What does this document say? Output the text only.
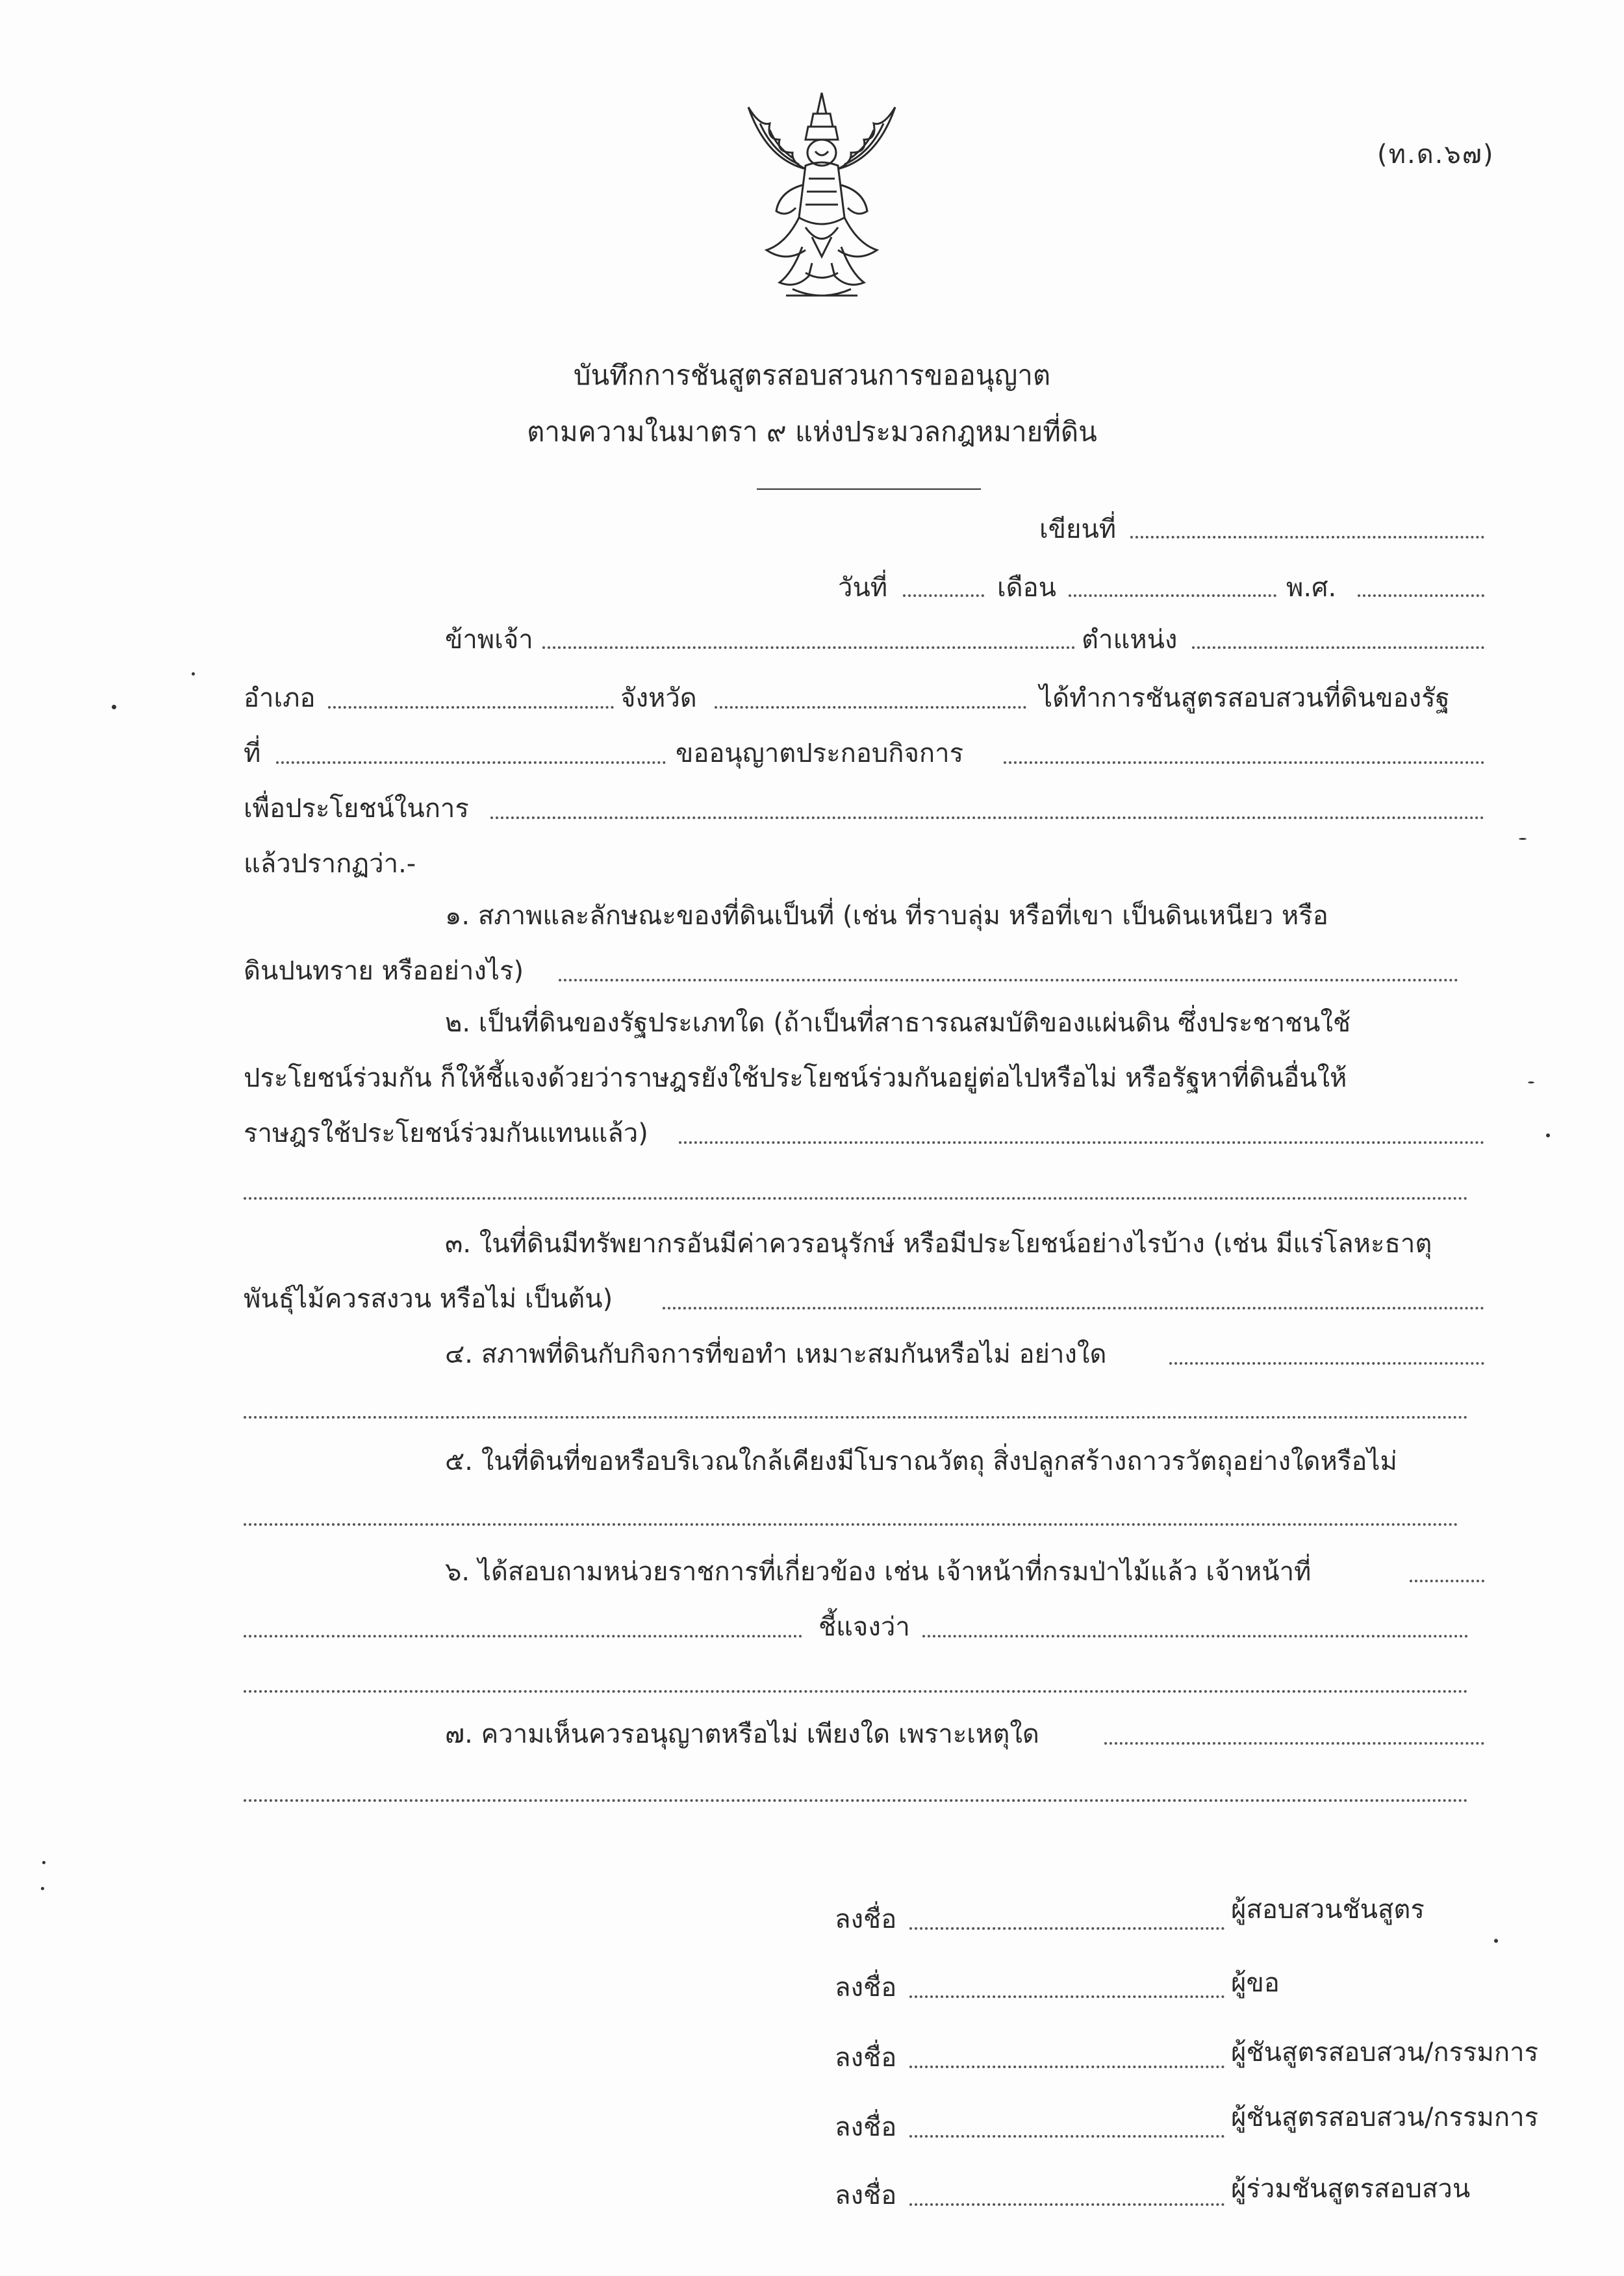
(ท.ด.๖๗)
บันทึกการชันสูตรสอบสวนการขออนุญาต
ตามความในมาตรา ๙ แห่งประมวลกฎหมายที่ดิน
เขียนที่
วันที่	เดือน	พ.ศ.
ข้าพเจ้า	ตำแหน่ง
อำเภอ	จังหวัด	ได้ทำการชันสูตรสอบสวนที่ดินของรัฐ
ที่	ขออนุญาตประกอบกิจการ
เพื่อประโยชน์ในการ
แล้วปรากฏว่า.-
๑. สภาพและลักษณะของที่ดินเป็นที่ (เช่น ที่ราบลุ่ม หรือที่เขา เป็นดินเหนียว หรือ
ดินปนทราย หรืออย่างไร)
๒. เป็นที่ดินของรัฐประเภทใด (ถ้าเป็นที่สาธารณสมบัติของแผ่นดิน ซึ่งประชาชนใช้
ประโยชน์ร่วมกัน ก็ให้ชี้แจงด้วยว่าราษฎรยังใช้ประโยชน์ร่วมกันอยู่ต่อไปหรือไม่ หรือรัฐหาที่ดินอื่นให้
ราษฎรใช้ประโยชน์ร่วมกันแทนแล้ว)
๓. ในที่ดินมีทรัพยากรอันมีค่าควรอนุรักษ์ หรือมีประโยชน์อย่างไรบ้าง (เช่น มีแร่โลหะธาตุ
พันธุ์ไม้ควรสงวน หรือไม่ เป็นต้น)
๔. สภาพที่ดินกับกิจการที่ขอทำ เหมาะสมกันหรือไม่ อย่างใด
๕. ในที่ดินที่ขอหรือบริเวณใกล้เคียงมีโบราณวัตถุ สิ่งปลูกสร้างถาวรวัตถุอย่างใดหรือไม่
๖. ได้สอบถามหน่วยราชการที่เกี่ยวข้อง เช่น เจ้าหน้าที่กรมป่าไม้แล้ว เจ้าหน้าที่
ชี้แจงว่า
๗. ความเห็นควรอนุญาตหรือไม่ เพียงใด เพราะเหตุใด
ลงชื่อ	ผู้สอบสวนชันสูตร
ลงชื่อ	ผู้ขอ
ลงชื่อ	ผู้ชันสูตรสอบสวน/กรรมการ
ลงชื่อ	ผู้ชันสูตรสอบสวน/กรรมการ
ลงชื่อ	ผู้ร่วมชันสูตรสอบสวน
